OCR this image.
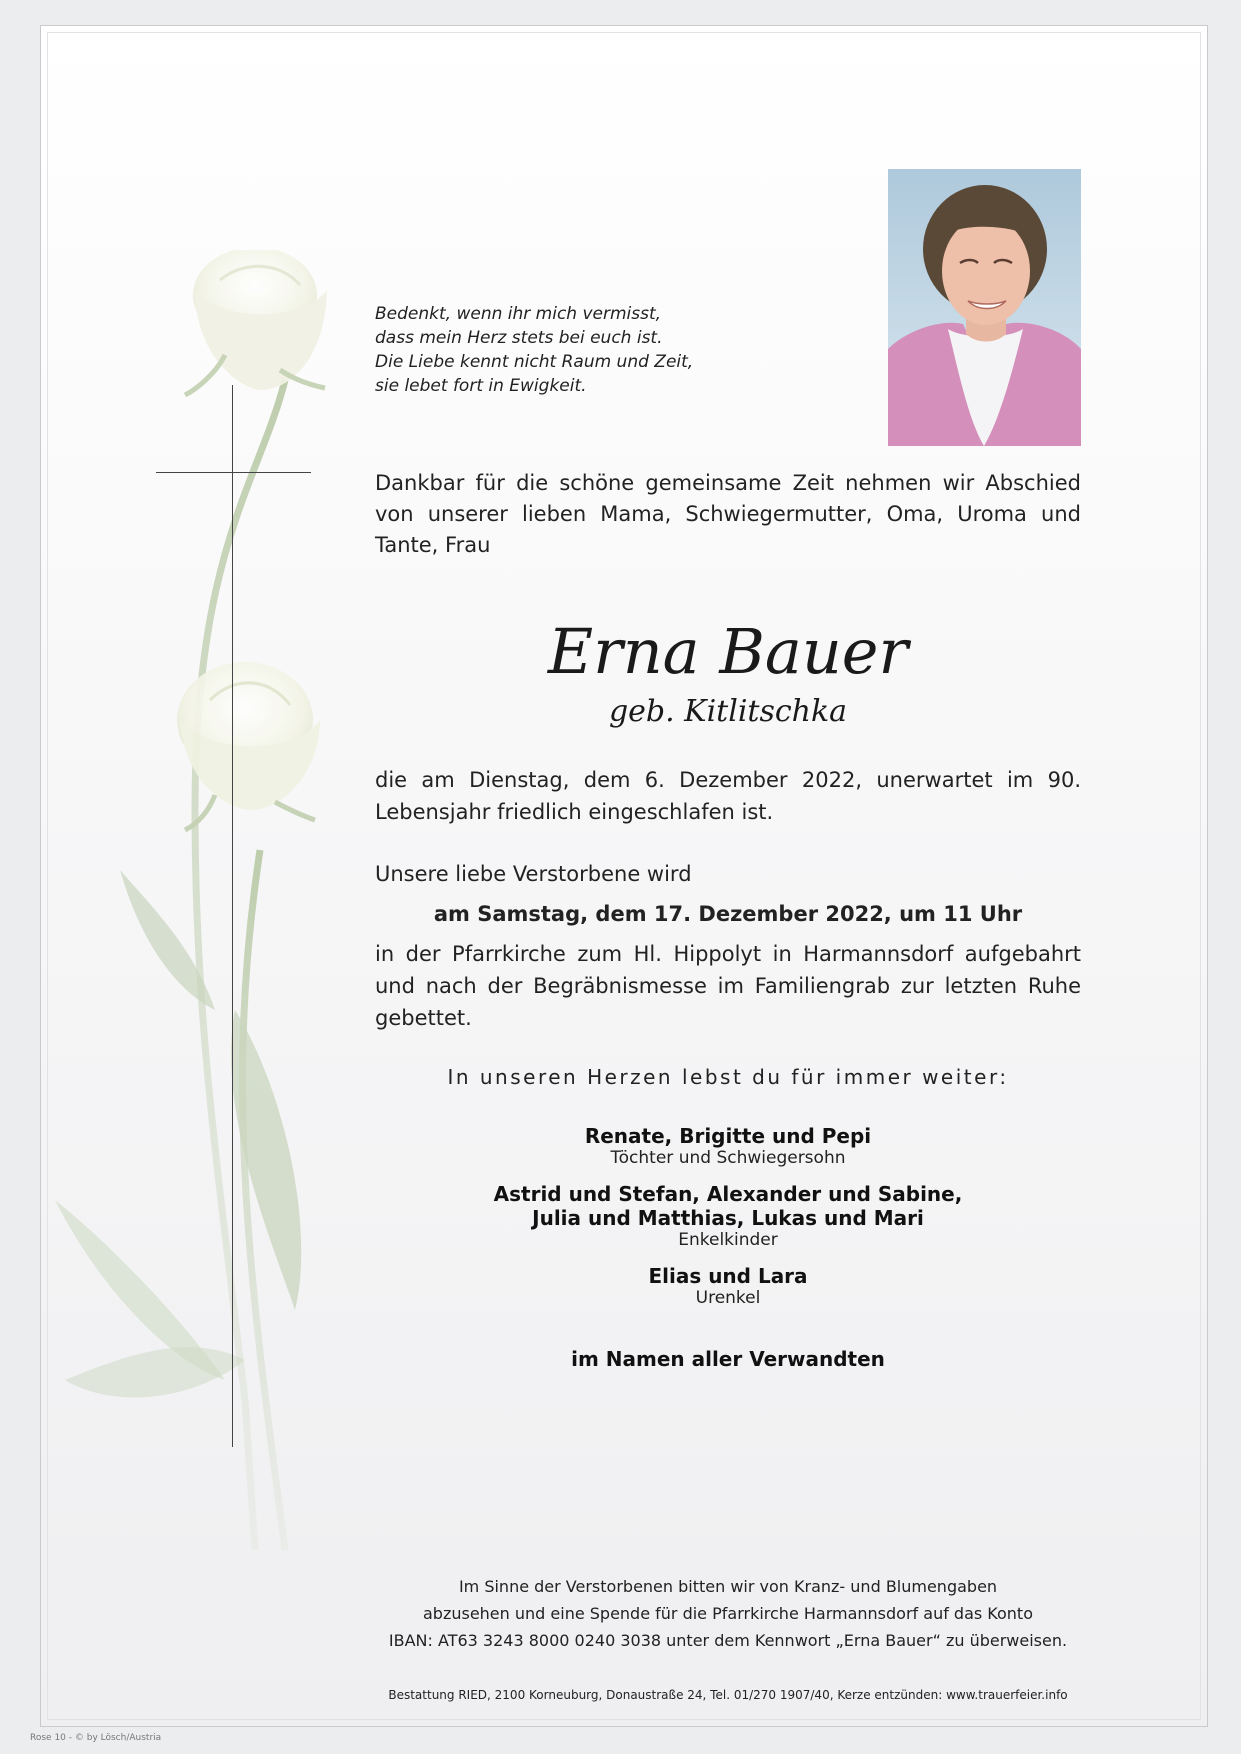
Bedenkt, wenn ihr mich vermisst,
dass mein Herz stets bei euch ist.
Die Liebe kennt nicht Raum und Zeit,
sie lebet fort in Ewigkeit.
Dankbar für die schöne gemeinsame Zeit nehmen wir Abschied von unserer lieben Mama, Schwiegermutter, Oma, Uroma und Tante, Frau
Erna Bauer
geb. Kitlitschka
die am Dienstag, dem 6. Dezember 2022, unerwartet im 90. Lebensjahr friedlich eingeschlafen ist.
Unsere liebe Verstorbene wird
am Samstag, dem 17. Dezember 2022, um 11 Uhr
in der Pfarrkirche zum Hl. Hippolyt in Harmannsdorf aufgebahrt und nach der Begräbnismesse im Familiengrab zur letzten Ruhe gebettet.
In unseren Herzen lebst du für immer weiter:
Renate, Brigitte und Pepi
Töchter und Schwiegersohn
Astrid und Stefan, Alexander und Sabine,
Julia und Matthias, Lukas und Mari
Enkelkinder
Elias und Lara
Urenkel
im Namen aller Verwandten
Im Sinne der Verstorbenen bitten wir von Kranz- und Blumengaben
abzusehen und eine Spende für die Pfarrkirche Harmannsdorf auf das Konto
IBAN: AT63 3243 8000 0240 3038 unter dem Kennwort „Erna Bauer“ zu überweisen.
Bestattung RIED, 2100 Korneuburg, Donaustraße 24, Tel. 01/270 1907/40, Kerze entzünden: www.trauerfeier.info
Rose 10 - © by Lösch/Austria
